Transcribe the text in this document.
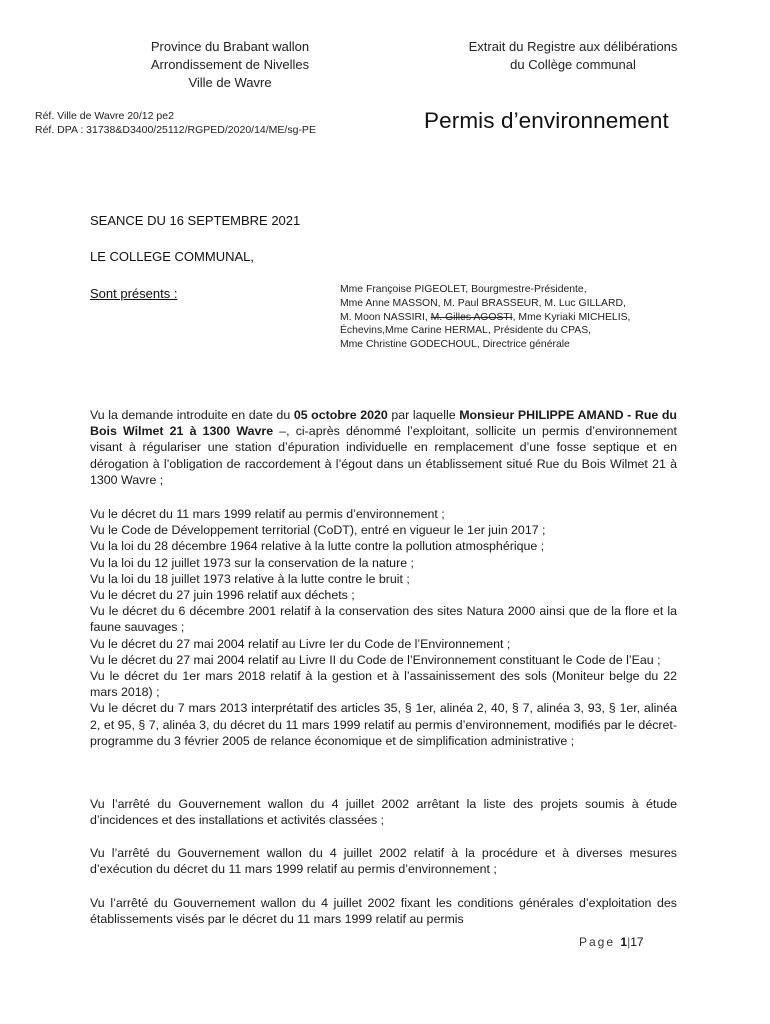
Province du Brabant wallon
Arrondissement de Nivelles
Ville de Wavre
Extrait du Registre aux délibérations
du Collège communal
Réf. Ville de Wavre 20/12 pe2
Réf. DPA : 31738&D3400/25112/RGPED/2020/14/ME/sg-PE	Permis d’environnement
SEANCE DU 16 SEPTEMBRE 2021
LE COLLEGE COMMUNAL,
Sont présents :	Mme Françoise PIGEOLET, Bourgmestre-Présidente,
Mme Anne MASSON, M. Paul BRASSEUR, M. Luc GILLARD,
M. Moon NASSIRI, M. Gilles AGOSTI, Mme Kyriaki MICHELIS,
Échevins,Mme Carine HERMAL, Présidente du CPAS,
Mme Christine GODECHOUL, Directrice générale
Vu la demande introduite en date du 05 octobre 2020 par laquelle Monsieur PHILIPPE AMAND - Rue du Bois Wilmet 21 à 1300 Wavre –, ci-après dénommé l’exploitant, sollicite un permis d’environnement visant à régulariser une station d’épuration individuelle en remplacement d’une fosse septique et en dérogation à l’obligation de raccordement à l’égout dans un établissement situé Rue du Bois Wilmet 21 à 1300 Wavre ;
Vu le décret du 11 mars 1999 relatif au permis d’environnement ;
Vu le Code de Développement territorial (CoDT), entré en vigueur le 1er juin 2017 ;
Vu la loi du 28 décembre 1964 relative à la lutte contre la pollution atmosphérique ;
Vu la loi du 12 juillet 1973 sur la conservation de la nature ;
Vu la loi du 18 juillet 1973 relative à la lutte contre le bruit ;
Vu le décret du 27 juin 1996 relatif aux déchets ;
Vu le décret du 6 décembre 2001 relatif à la conservation des sites Natura 2000 ainsi que de la flore et la faune sauvages ;
Vu le décret du 27 mai 2004 relatif au Livre Ier du Code de l’Environnement ;
Vu le décret du 27 mai 2004 relatif au Livre II du Code de l’Environnement constituant le Code de l’Eau ;
Vu le décret du 1er mars 2018 relatif à la gestion et à l’assainissement des sols (Moniteur belge du 22 mars 2018) ;
Vu le décret du 7 mars 2013 interprétatif des articles 35, § 1er, alinéa 2, 40, § 7, alinéa 3, 93, § 1er, alinéa 2, et 95, § 7, alinéa 3, du décret du 11 mars 1999 relatif au permis d’environnement, modifiés par le décret-programme du 3 février 2005 de relance économique et de simplification administrative ;
Vu l’arrêté du Gouvernement wallon du 4 juillet 2002 arrêtant la liste des projets soumis à étude d’incidences et des installations et activités classées ;
Vu l’arrêté du Gouvernement wallon du 4 juillet 2002 relatif à la procédure et à diverses mesures d’exécution du décret du 11 mars 1999 relatif au permis d’environnement ;
Vu l’arrêté du Gouvernement wallon du 4 juillet 2002 fixant les conditions générales d’exploitation des établissements visés par le décret du 11 mars 1999 relatif au permis
Page 1|17
